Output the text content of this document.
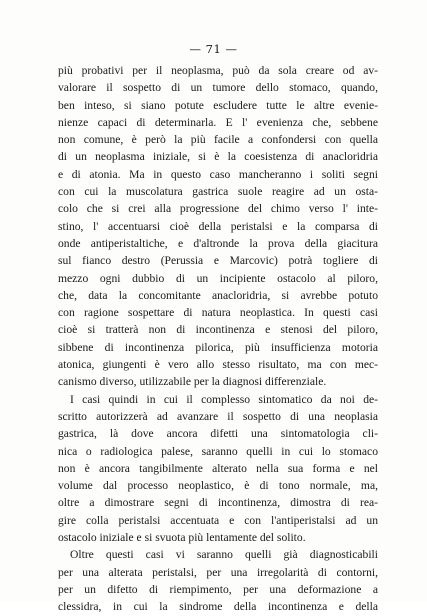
— 71 —
più probativi per il neoplasma, può da sola creare od av-
valorare il sospetto di un tumore dello stomaco, quando,
ben inteso, si siano potute escludere tutte le altre evenie-
nienze capaci di determinarla. E l' evenienza che, sebbene
non comune, è però la più facile a confondersi con quella
di un neoplasma iniziale, si è la coesistenza di anacloridria
e di atonia. Ma in questo caso mancheranno i soliti segni
con cui la muscolatura gastrica suole reagire ad un osta-
colo che si crei alla progressione del chimo verso l' inte-
stino, l' accentuarsi cioè della peristalsi e la comparsa di
onde antiperistaltiche, e d'altronde la prova della giacitura
sul fianco destro (Perussia e Marcovic) potrà togliere di
mezzo ogni dubbio di un incipiente ostacolo al piloro,
che, data la concomitante anacloridria, si avrebbe potuto
con ragione sospettare di natura neoplastica. In questi casi
cioè si tratterà non di incontinenza e stenosi del piloro,
sibbene di incontinenza pilorica, più insufficienza motoria
atonica, giungenti è vero allo stesso risultato, ma con mec-
canismo diverso, utilizzabile per la diagnosi differenziale.
I casi quindi in cui il complesso sintomatico da noi de-
scritto autorizzerà ad avanzare il sospetto di una neoplasia
gastrica, là dove ancora difetti una sintomatologia cli-
nica o radiologica palese, saranno quelli in cui lo stomaco
non è ancora tangibilmente alterato nella sua forma e nel
volume dal processo neoplastico, è di tono normale, ma,
oltre a dimostrare segni di incontinenza, dimostra di rea-
gire colla peristalsi accentuata e con l'antiperistalsi ad un
ostacolo iniziale e si svuota più lentamente del solito.
Oltre questi casi vi saranno quelli già diagnosticabili
per una alterata peristalsi, per una irregolarità di contorni,
per un difetto di riempimento, per una deformazione a
clessidra, in cui la sindrome della incontinenza e della
